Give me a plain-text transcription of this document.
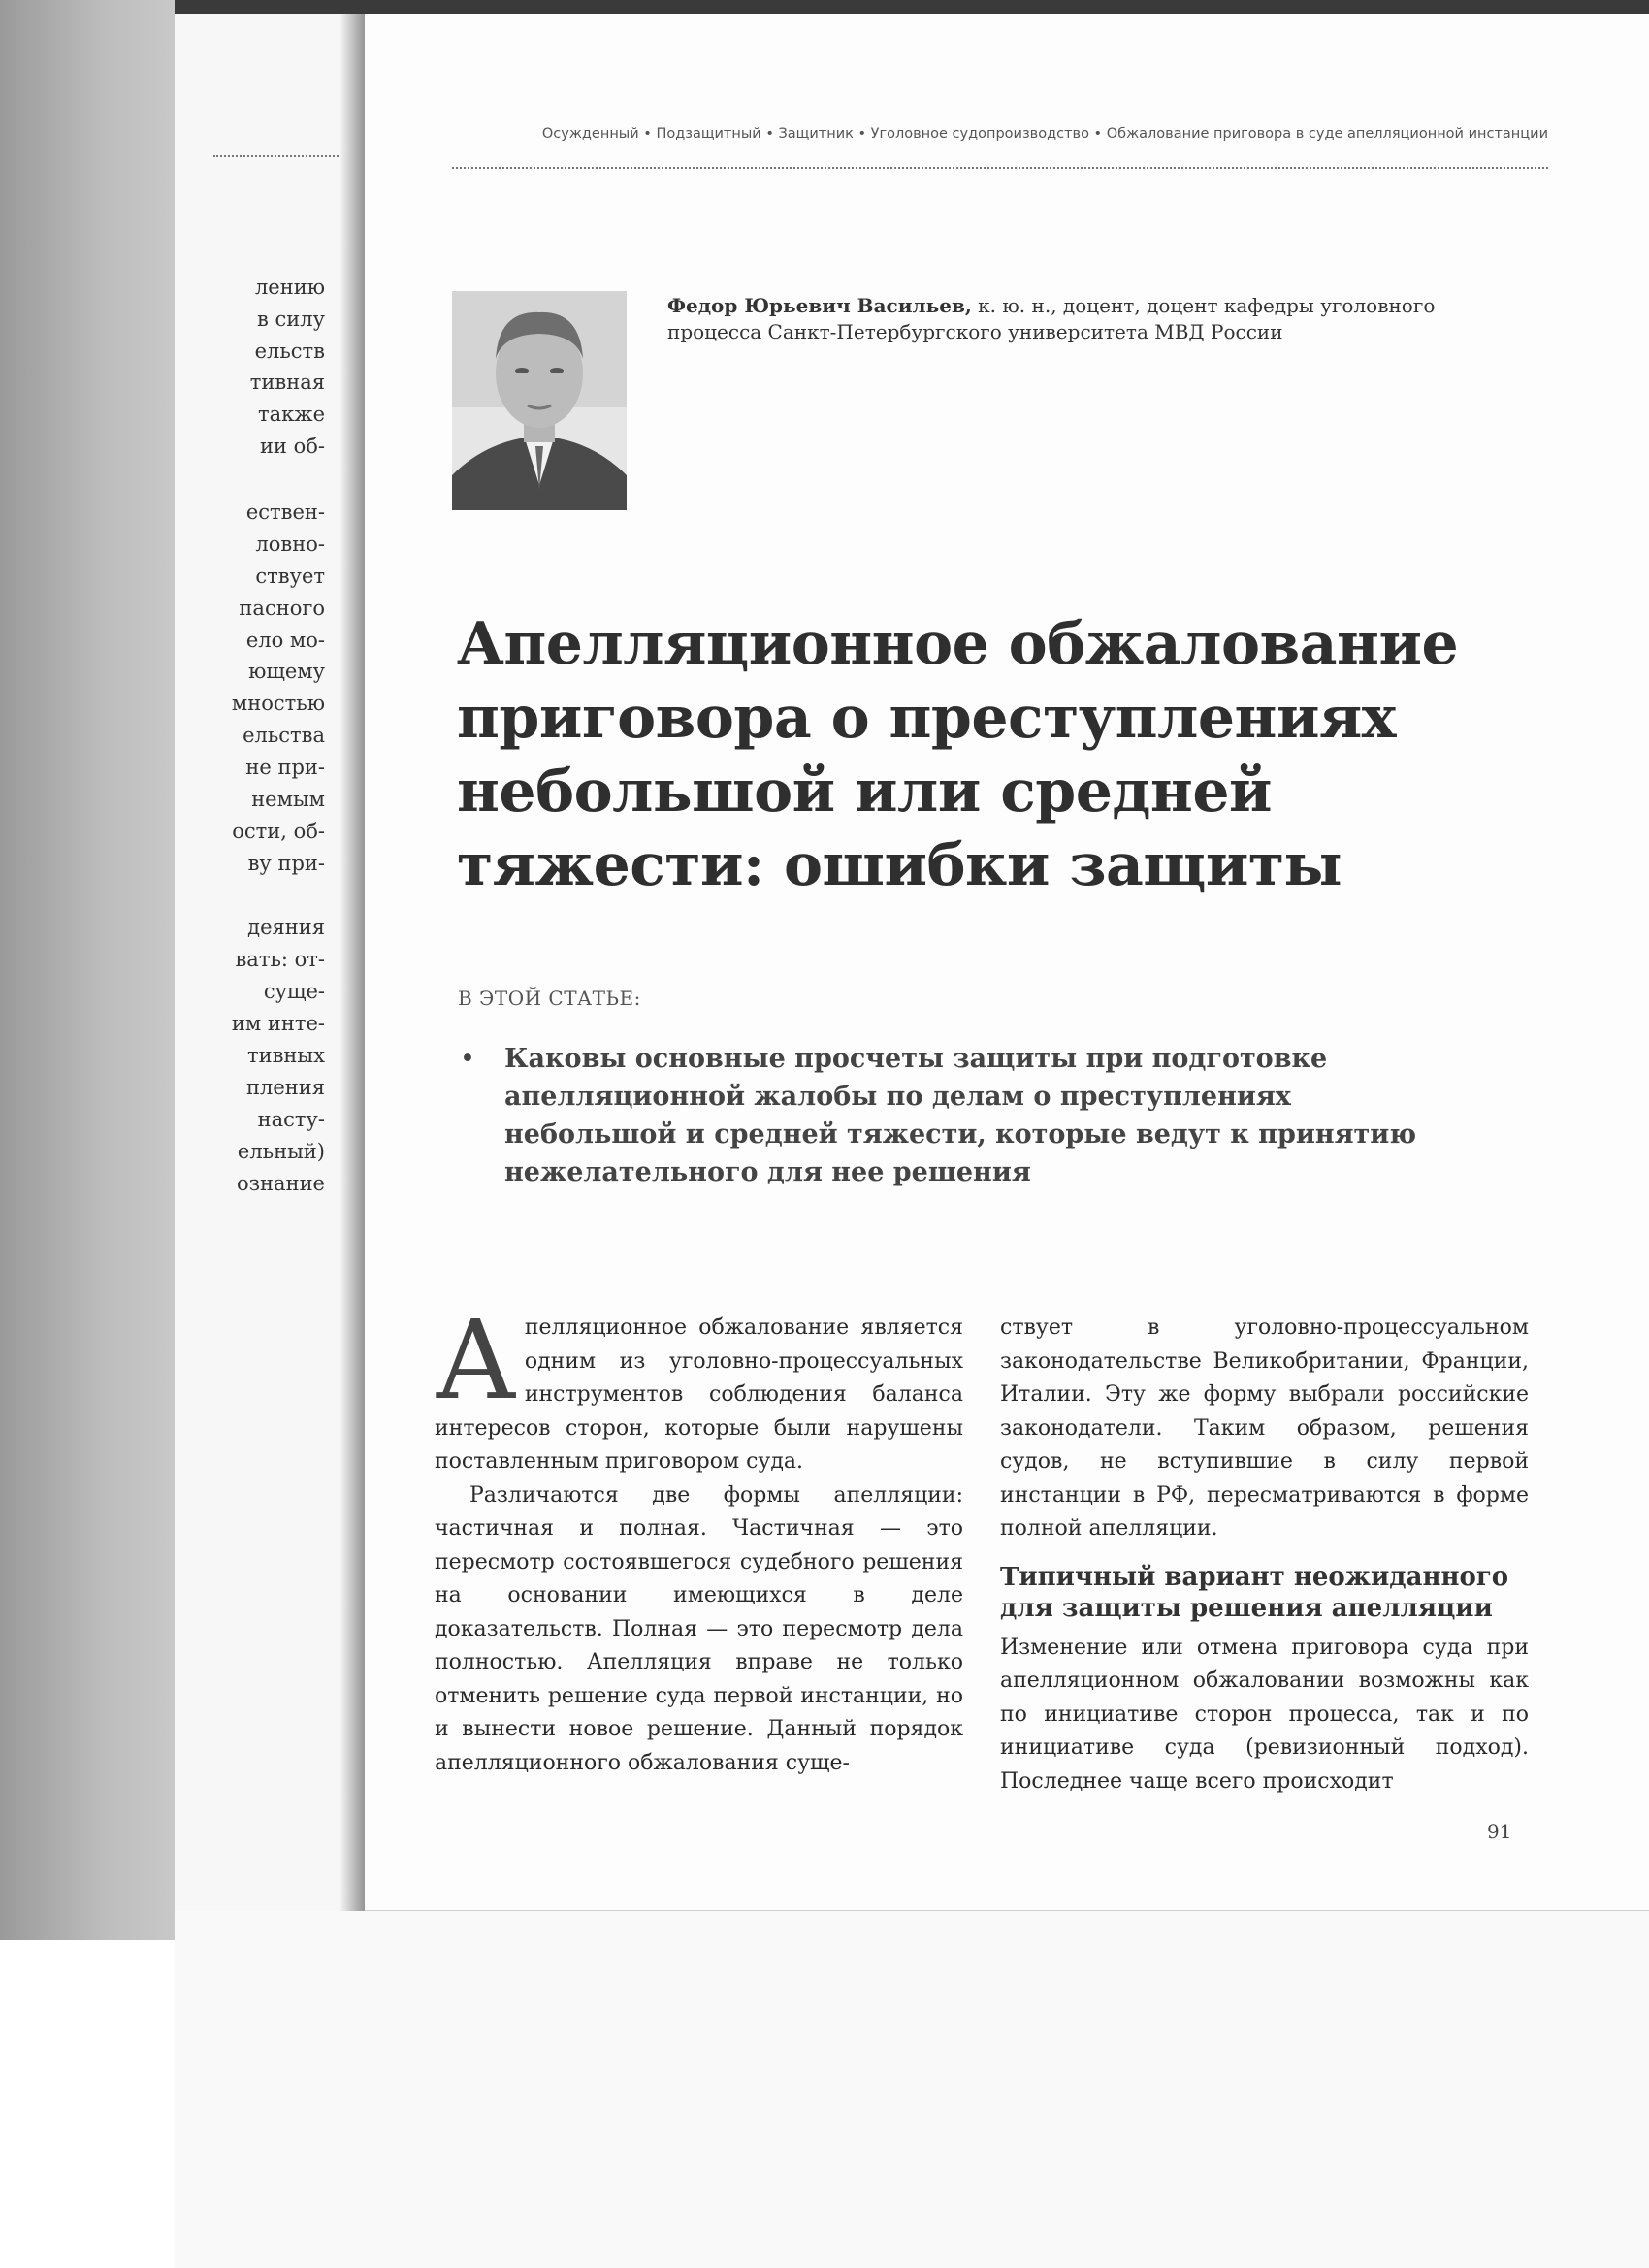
лению
в силу
ельств
тивная
также
ии об-
ествен-
ловно-
ствует
пасного
ело мо-
ющему
мностью
ельства
не при-
немым
ости, об-
ву при-
деяния
вать: от-
суще-
им инте-
тивных
пления
насту-
ельный)
ознание
Осужденный • Подзащитный • Защитник • Уголовное судопроизводство • Обжалование приговора в суде апелляционной инстанции
Федор Юрьевич Васильев, к. ю. н., доцент, доцент кафедры уголовного процесса Санкт-Петербургского университета МВД России
Апелляционное обжалование приговора о преступлениях небольшой или средней тяжести: ошибки защиты
В ЭТОЙ СТАТЬЕ:
• Каковы основные просчеты защиты при подготовке апелляционной жалобы по делам о преступлениях небольшой и средней тяжести, которые ведут к принятию нежелательного для нее решения

Апелляционное обжалование является одним из уголовно-процессуальных инструментов соблюдения баланса интересов сторон, которые были нарушены поставленным приговором суда.

Различаются две формы апелляции: частичная и полная. Частичная — это пересмотр состоявшегося судебного решения на основании имеющихся в деле доказательств. Полная — это пересмотр дела полностью. Апелляция вправе не только отменить решение суда первой инстанции, но и вынести новое решение. Данный порядок апелляционного обжалования суще-

ствует в уголовно-процессуальном законодательстве Великобритании, Франции, Италии. Эту же форму выбрали российские законодатели. Таким образом, решения судов, не вступившие в силу первой инстанции в РФ, пересматриваются в форме полной апелляции.

Типичный вариант неожиданного для защиты решения апелляции

Изменение или отмена приговора суда при апелляционном обжаловании возможны как по инициативе сторон процесса, так и по инициативе суда (ревизионный подход). Последнее чаще всего происходит

91
